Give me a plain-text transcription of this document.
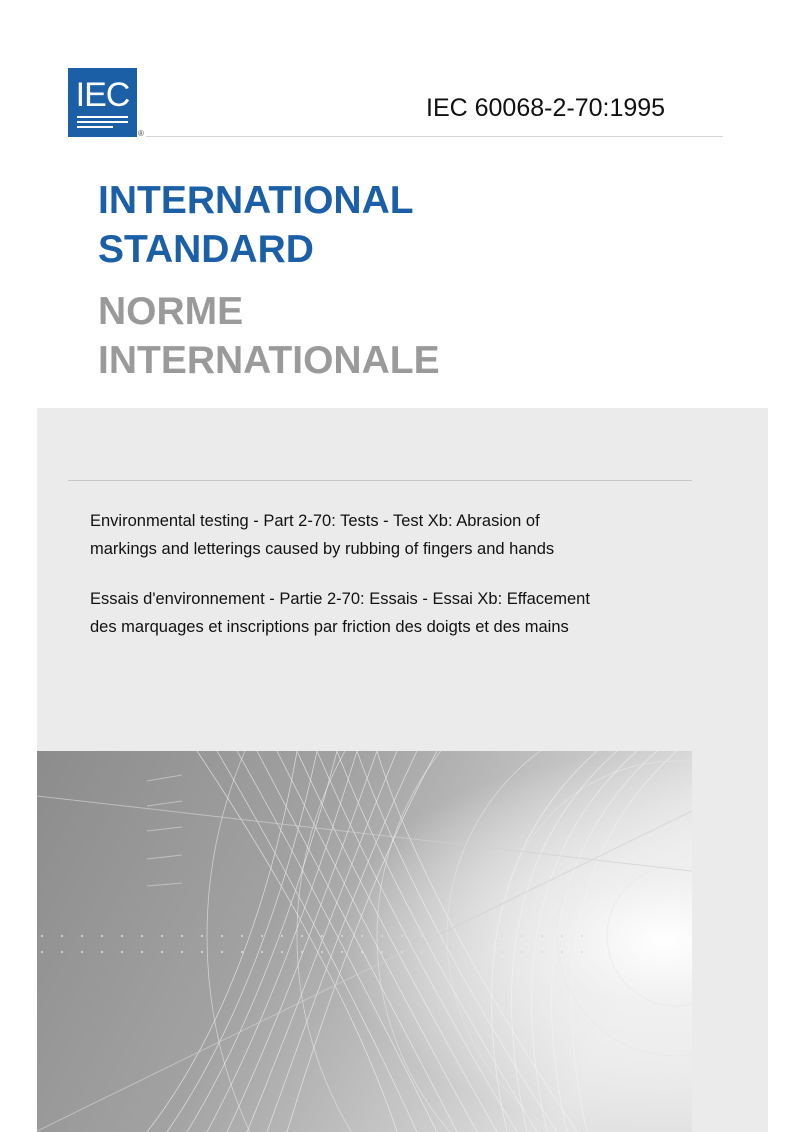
IEC
®
IEC 60068-2-70:1995
INTERNATIONAL
STANDARD
NORME
INTERNATIONALE

Environmental testing - Part 2-70: Tests - Test Xb: Abrasion of
markings and letterings caused by rubbing of fingers and hands

Essais d'environnement - Partie 2-70: Essais - Essai Xb: Effacement
des marquages et inscriptions par friction des doigts et des mains
